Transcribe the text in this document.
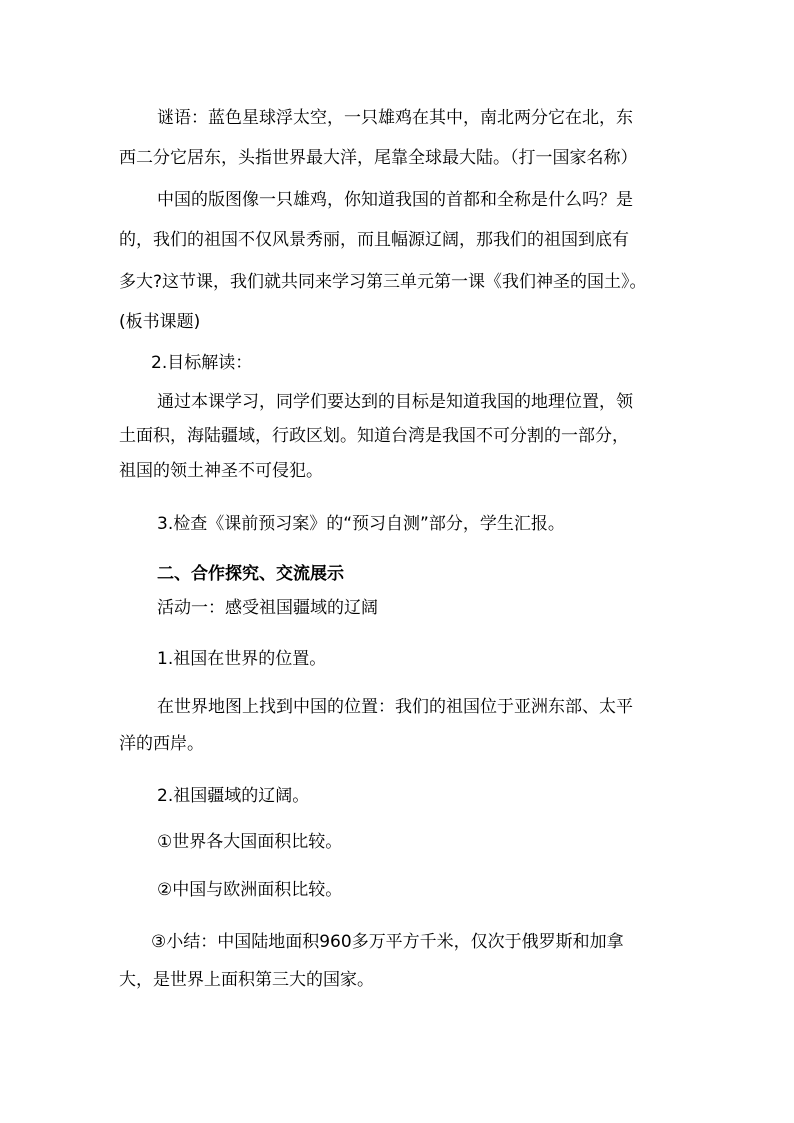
谜语：蓝色星球浮太空，一只雄鸡在其中，南北两分它在北，东
西二分它居东，头指世界最大洋，尾靠全球最大陆。（打一国家名称）
中国的版图像一只雄鸡，你知道我国的首都和全称是什么吗？是
的，我们的祖国不仅风景秀丽，而且幅源辽阔，那我们的祖国到底有
多大?这节课，我们就共同来学习第三单元第一课《我们神圣的国土》。
(板书课题)
2.目标解读：
通过本课学习，同学们要达到的目标是知道我国的地理位置，领
土面积，海陆疆域，行政区划。知道台湾是我国不可分割的一部分，
祖国的领土神圣不可侵犯。
3.检查《课前预习案》的“预习自测”部分，学生汇报。
二、合作探究、交流展示
活动一：感受祖国疆域的辽阔
1.祖国在世界的位置。
在世界地图上找到中国的位置：我们的祖国位于亚洲东部、太平
洋的西岸。
2.祖国疆域的辽阔。
①世界各大国面积比较。
②中国与欧洲面积比较。
③小结：中国陆地面积960多万平方千米，仅次于俄罗斯和加拿
大，是世界上面积第三大的国家。
